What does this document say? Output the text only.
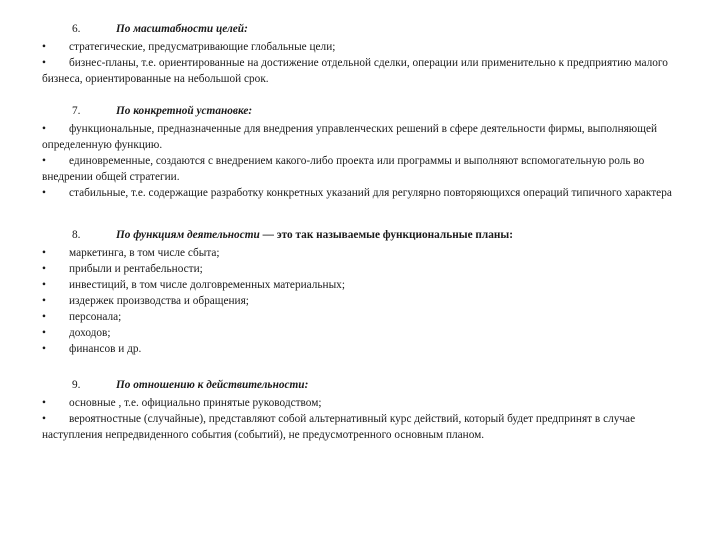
6.	По масштабности целей:
• стратегические, предусматривающие глобальные цели;
• бизнес-планы, т.е. ориентированные на достижение отдельной сделки, операции или применительно к предприятию малого бизнеса, ориентированные на небольшой срок.
7.	По конкретной установке:
• функциональные, предназначенные для внедрения управленческих решений в сфере деятельности фирмы, выполняющей определенную функцию.
• единовременные, создаются с внедрением какого-либо проекта или программы и выполняют вспомогательную роль во внедрении общей стратегии.
• стабильные, т.е. содержащие разработку конкретных указаний для регулярно повторяющихся операций типичного характера
8.	По функциям деятельности — это так называемые функциональные планы:
• маркетинга, в том числе сбыта;
• прибыли и рентабельности;
• инвестиций, в том числе долговременных материальных;
• издержек производства и обращения;
• персонала;
• доходов;
• финансов и др.
9.	По отношению к действительности:
• основные , т.е. официально принятые руководством;
• вероятностные (случайные), представляют собой альтернативный курс действий, который будет предпринят в случае наступления непредвиденного события (событий), не предусмотренного основным планом.
